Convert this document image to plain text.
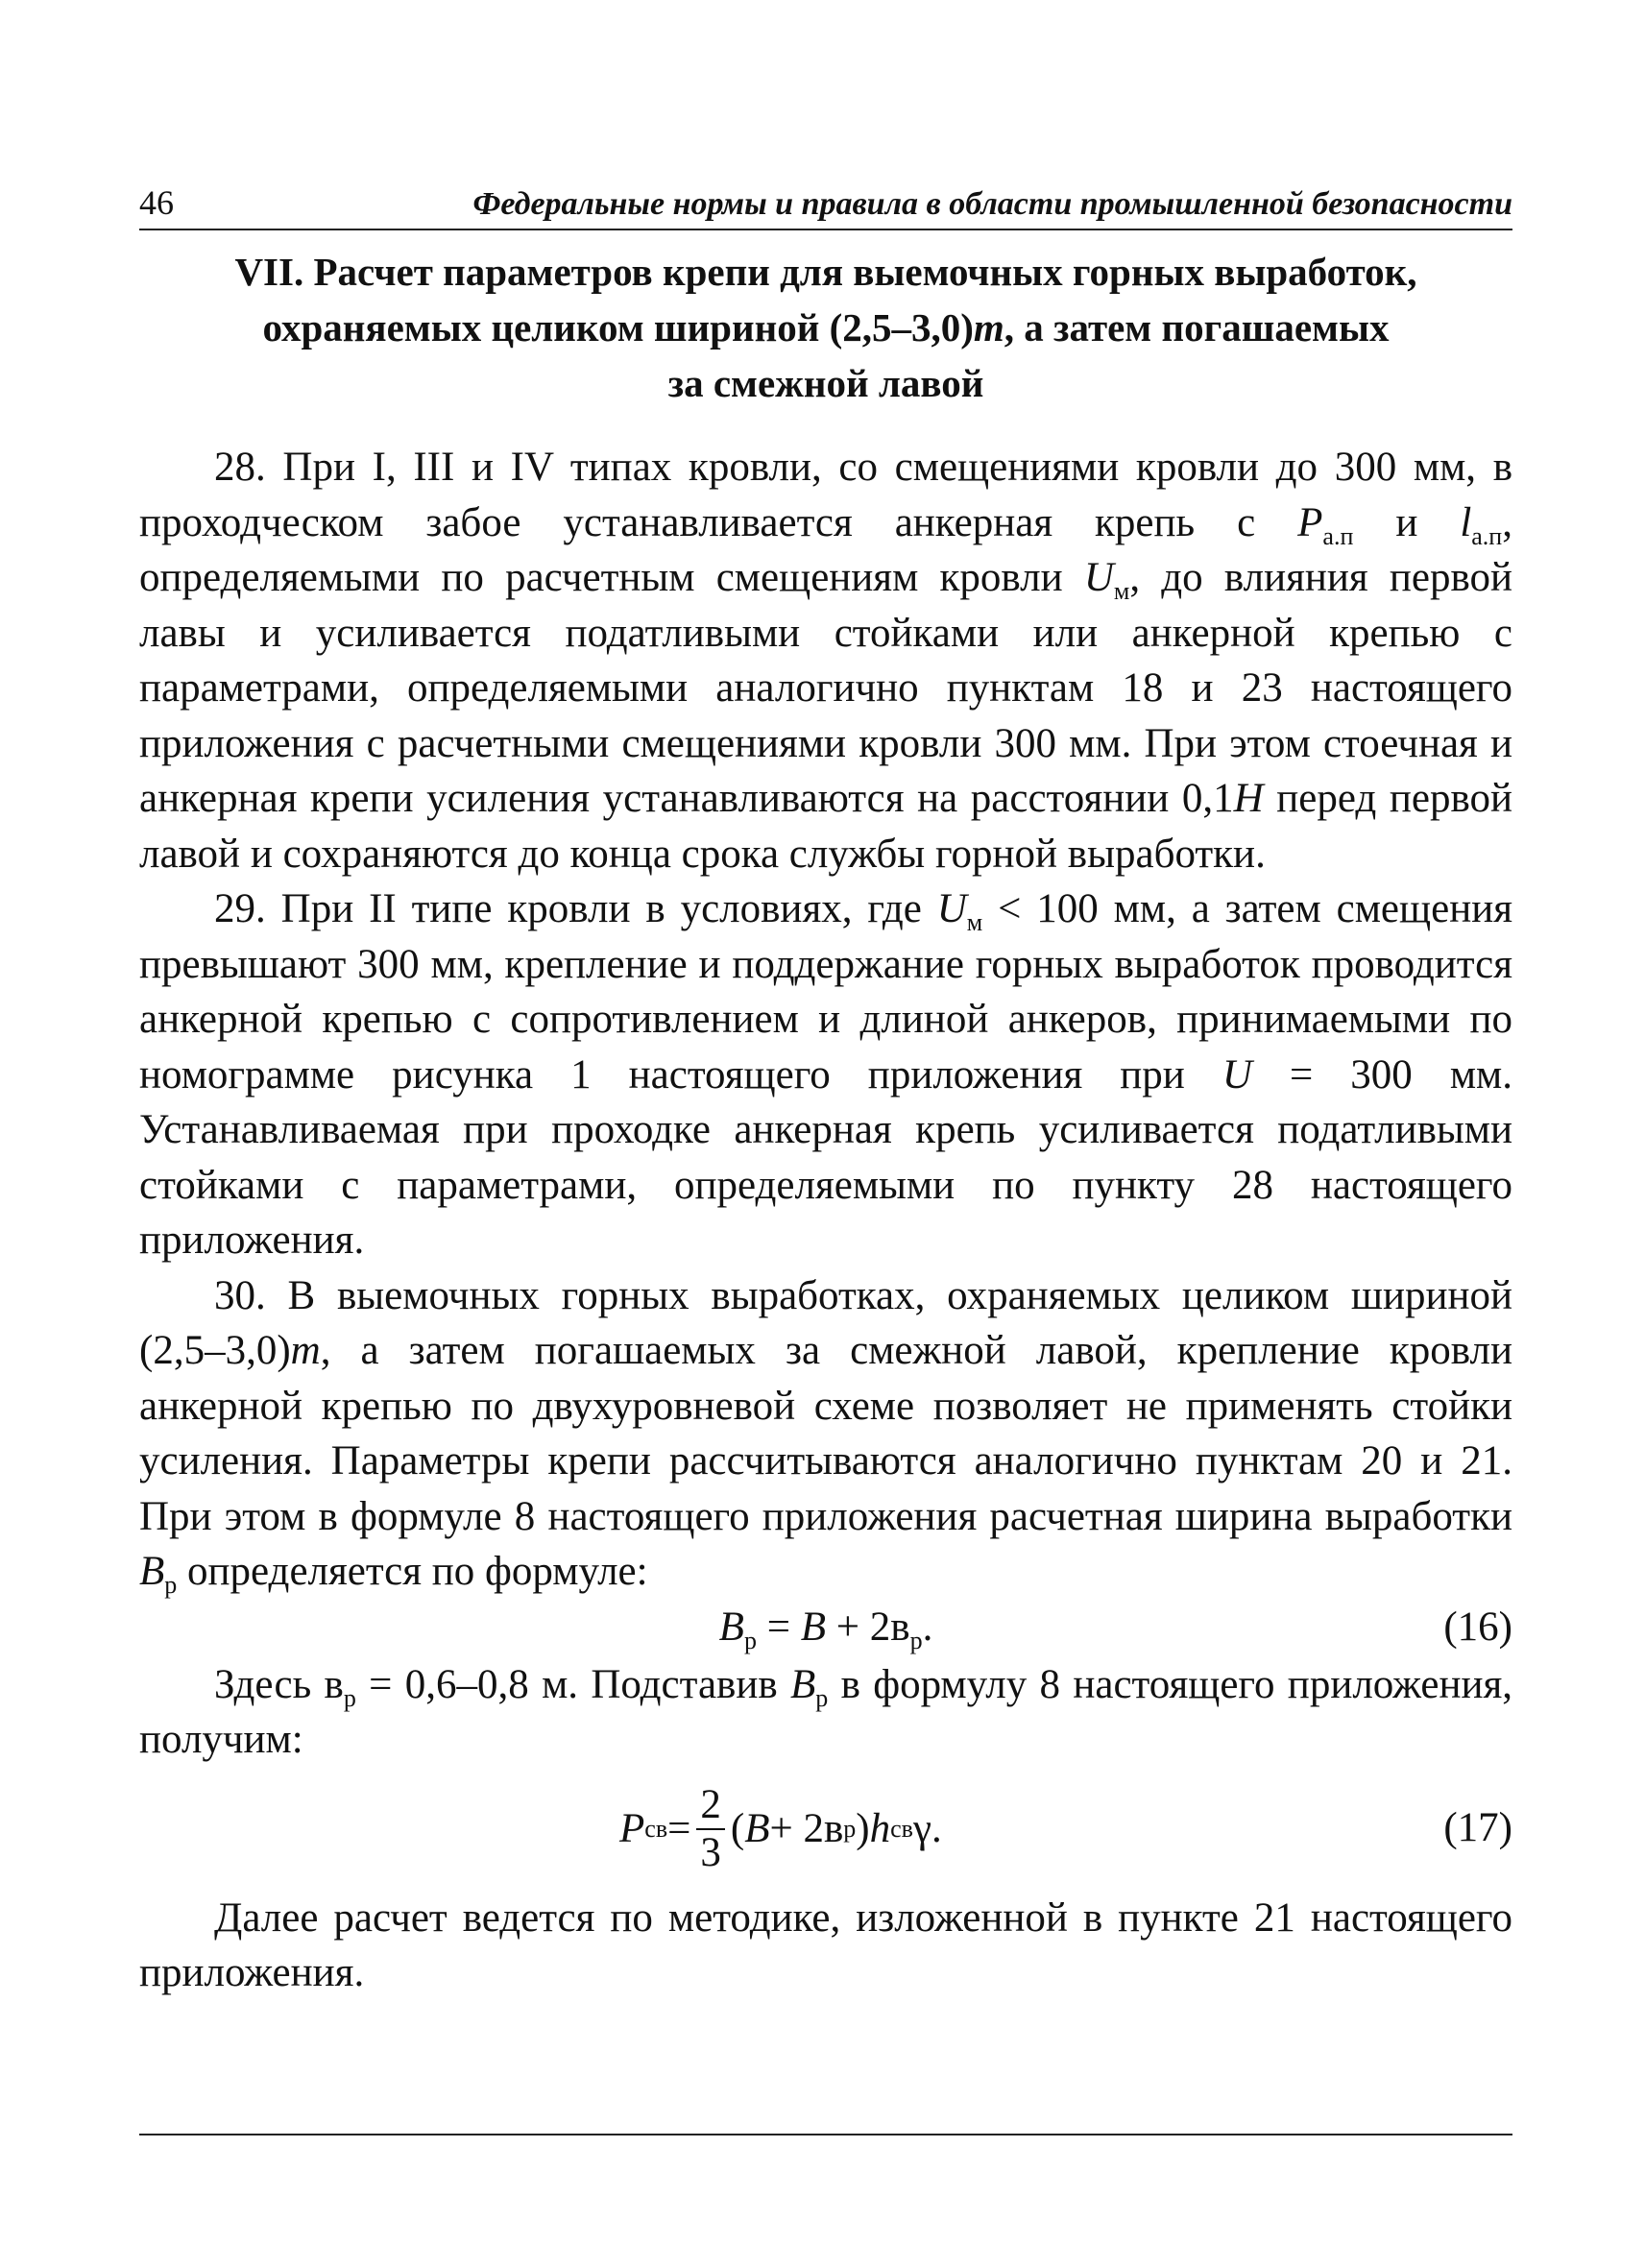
46	Федеральные нормы и правила в области промышленной безопасности
VII. Расчет параметров крепи для выемочных горных выработок,
охраняемых целиком шириной (2,5–3,0)m, а затем погашаемых
за смежной лавой

28. При I, III и IV типах кровли, со смещениями кровли до 300 мм, в проходческом забое устанавливается анкерная крепь с $P_{а.п}$ и $l_{а.п}$, определяемыми по расчетным смещениям кровли $U_м$, до влияния первой лавы и усиливается податливыми стойками или анкерной крепью с параметрами, определяемыми аналогично пунктам 18 и 23 настоящего приложения с расчетными смещениями кровли 300 мм. При этом стоечная и анкерная крепи усиления устанавливаются на расстоянии 0,1H перед первой лавой и сохраняются до конца срока службы горной выработки.

29. При II типе кровли в условиях, где $U_м < 100$ мм, а затем смещения превышают 300 мм, крепление и поддержание горных выработок проводится анкерной крепью с сопротивлением и длиной анкеров, принимаемыми по номограмме рисунка 1 настоящего приложения при U = 300 мм. Устанавливаемая при проходке анкерная крепь усиливается податливыми стойками с параметрами, определяемыми по пункту 28 настоящего приложения.

30. В выемочных горных выработках, охраняемых целиком шириной (2,5–3,0)m, а затем погашаемых за смежной лавой, крепление кровли анкерной крепью по двухуровневой схеме позволяет не применять стойки усиления. Параметры крепи рассчитываются аналогично пунктам 20 и 21. При этом в формуле 8 настоящего приложения расчетная ширина выработки $B_р$ определяется по формуле:

$B_р = B + 2в_р$.	(16)

Здесь $в_р = 0,6-0,8$ м. Подставив $B_р$ в формулу 8 настоящего приложения, получим:

P св = $\frac{2}{3}$ ( B + 2в р ) h св γ.	(17)

Далее расчет ведется по методике, изложенной в пункте 21 настоящего приложения.
